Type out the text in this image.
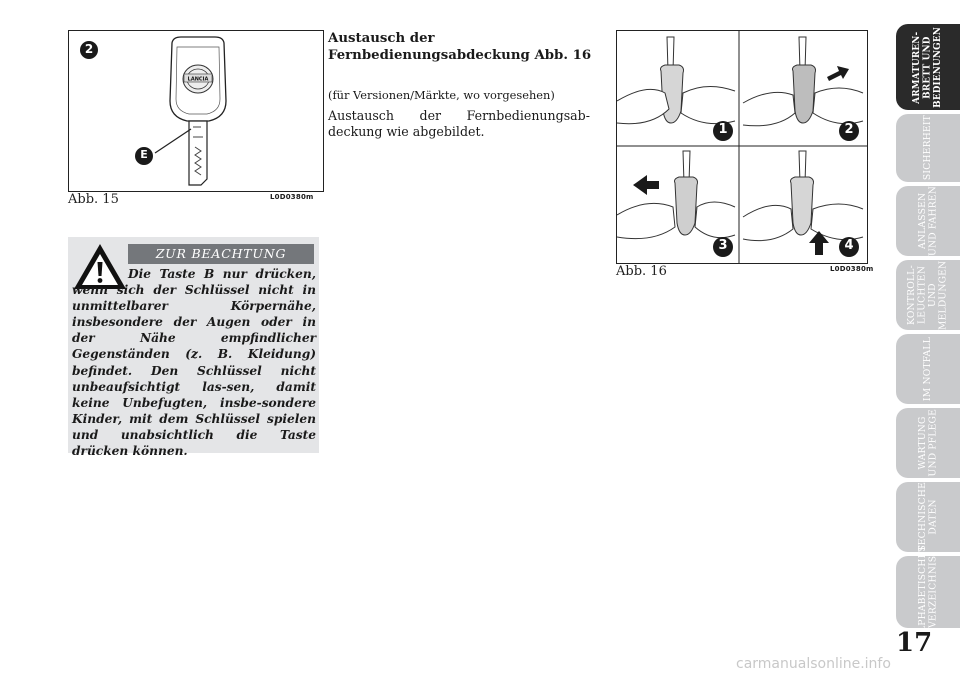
LANCIA
2
E
Abb. 15	L0D0380m
ZUR BEACHTUNG
Die Taste B nur drücken, wenn sich der Schlüssel nicht in unmittelbarer Körpernähe, insbesondere der Augen oder in der Nähe empfindlicher Gegenständen (z. B. Kleidung) befindet. Den Schlüssel nicht unbeaufsichtigt las-sen, damit keine Unbefugten, insbe-sondere Kinder, mit dem Schlüssel spielen und unabsichtlich die Taste drücken können.
Austausch der Fernbedienungsabdeckung Abb. 16
(für Versionen/Märkte, wo vorgesehen)
Austausch der Fernbedienungsab-deckung wie abgebildet.	1	2
3	4
Abb. 16	L0D0380m
ARMATUREN-
BRETT UND
BEDIENUNGEN
SICHERHEIT
ANLASSEN
UND FAHREN
KONTROLL-
LEUCHTEN UND
MELDUNGEN
IM NOTFALL
WARTUNG
UND PFLEGE
TECHNISCHE
DATEN
ALPHABETISCHES
VERZEICHNIS
17
carmanualsonline.info
